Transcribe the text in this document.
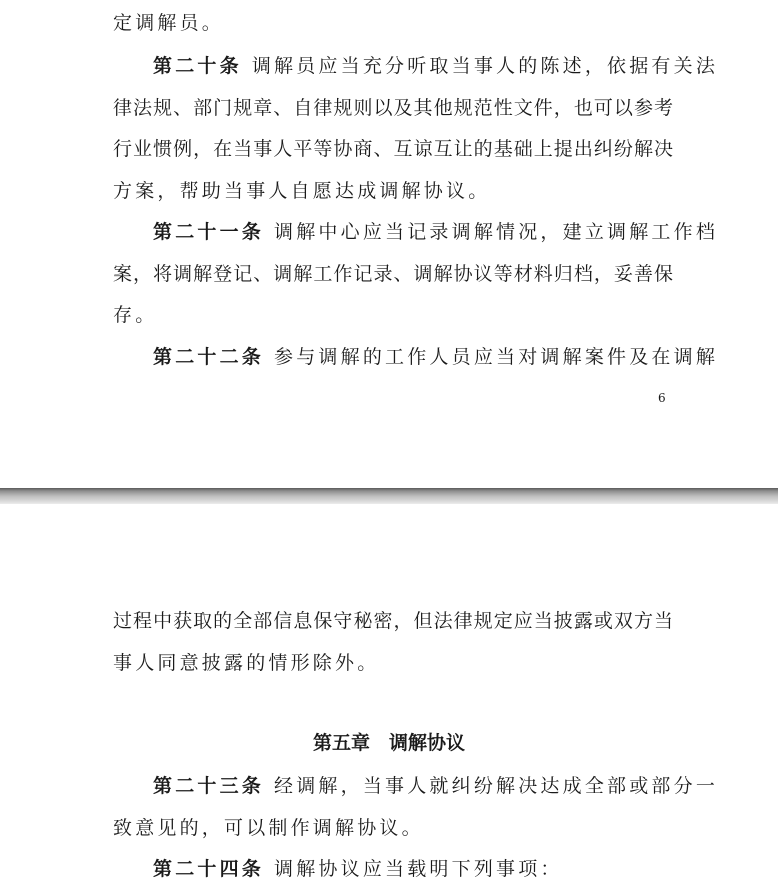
定调解员。
第二十条 调解员应当充分听取当事人的陈述，依据有关法
律法规、部门规章、自律规则以及其他规范性文件，也可以参考
行业惯例，在当事人平等协商、互谅互让的基础上提出纠纷解决
方案，帮助当事人自愿达成调解协议。
第二十一条 调解中心应当记录调解情况，建立调解工作档
案，将调解登记、调解工作记录、调解协议等材料归档，妥善保
存。
第二十二条 参与调解的工作人员应当对调解案件及在调解
6
过程中获取的全部信息保守秘密，但法律规定应当披露或双方当
事人同意披露的情形除外。
第五章　调解协议
第二十三条 经调解，当事人就纠纷解决达成全部或部分一
致意见的，可以制作调解协议。
第二十四条 调解协议应当载明下列事项：
